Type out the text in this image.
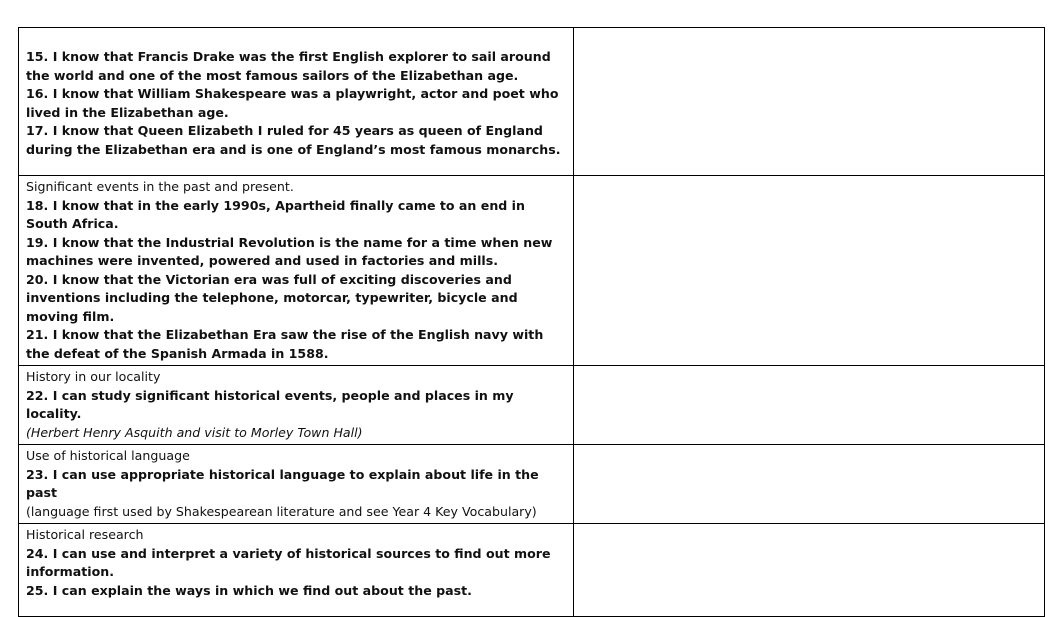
15. I know that Francis Drake was the first English explorer to sail around the world and one of the most famous sailors of the Elizabethan age.
16. I know that William Shakespeare was a playwright, actor and poet who lived in the Elizabethan age.
17. I know that Queen Elizabeth I ruled for 45 years as queen of England during the Elizabethan era and is one of England’s most famous monarchs.	

Significant events in the past and present.
18. I know that in the early 1990s, Apartheid finally came to an end in South Africa.
19. I know that the Industrial Revolution is the name for a time when new machines were invented, powered and used in factories and mills.
20. I know that the Victorian era was full of exciting discoveries and inventions including the telephone, motorcar, typewriter, bicycle and moving film.
21. I know that the Elizabethan Era saw the rise of the English navy with the defeat of the Spanish Armada in 1588.	

History in our locality
22. I can study significant historical events, people and places in my locality.
(Herbert Henry Asquith and visit to Morley Town Hall)	

Use of historical language
23. I can use appropriate historical language to explain about life in the past
(language first used by Shakespearean literature and see Year 4 Key Vocabulary)	

Historical research
24. I can use and interpret a variety of historical sources to find out more information.
25. I can explain the ways in which we find out about the past.	
